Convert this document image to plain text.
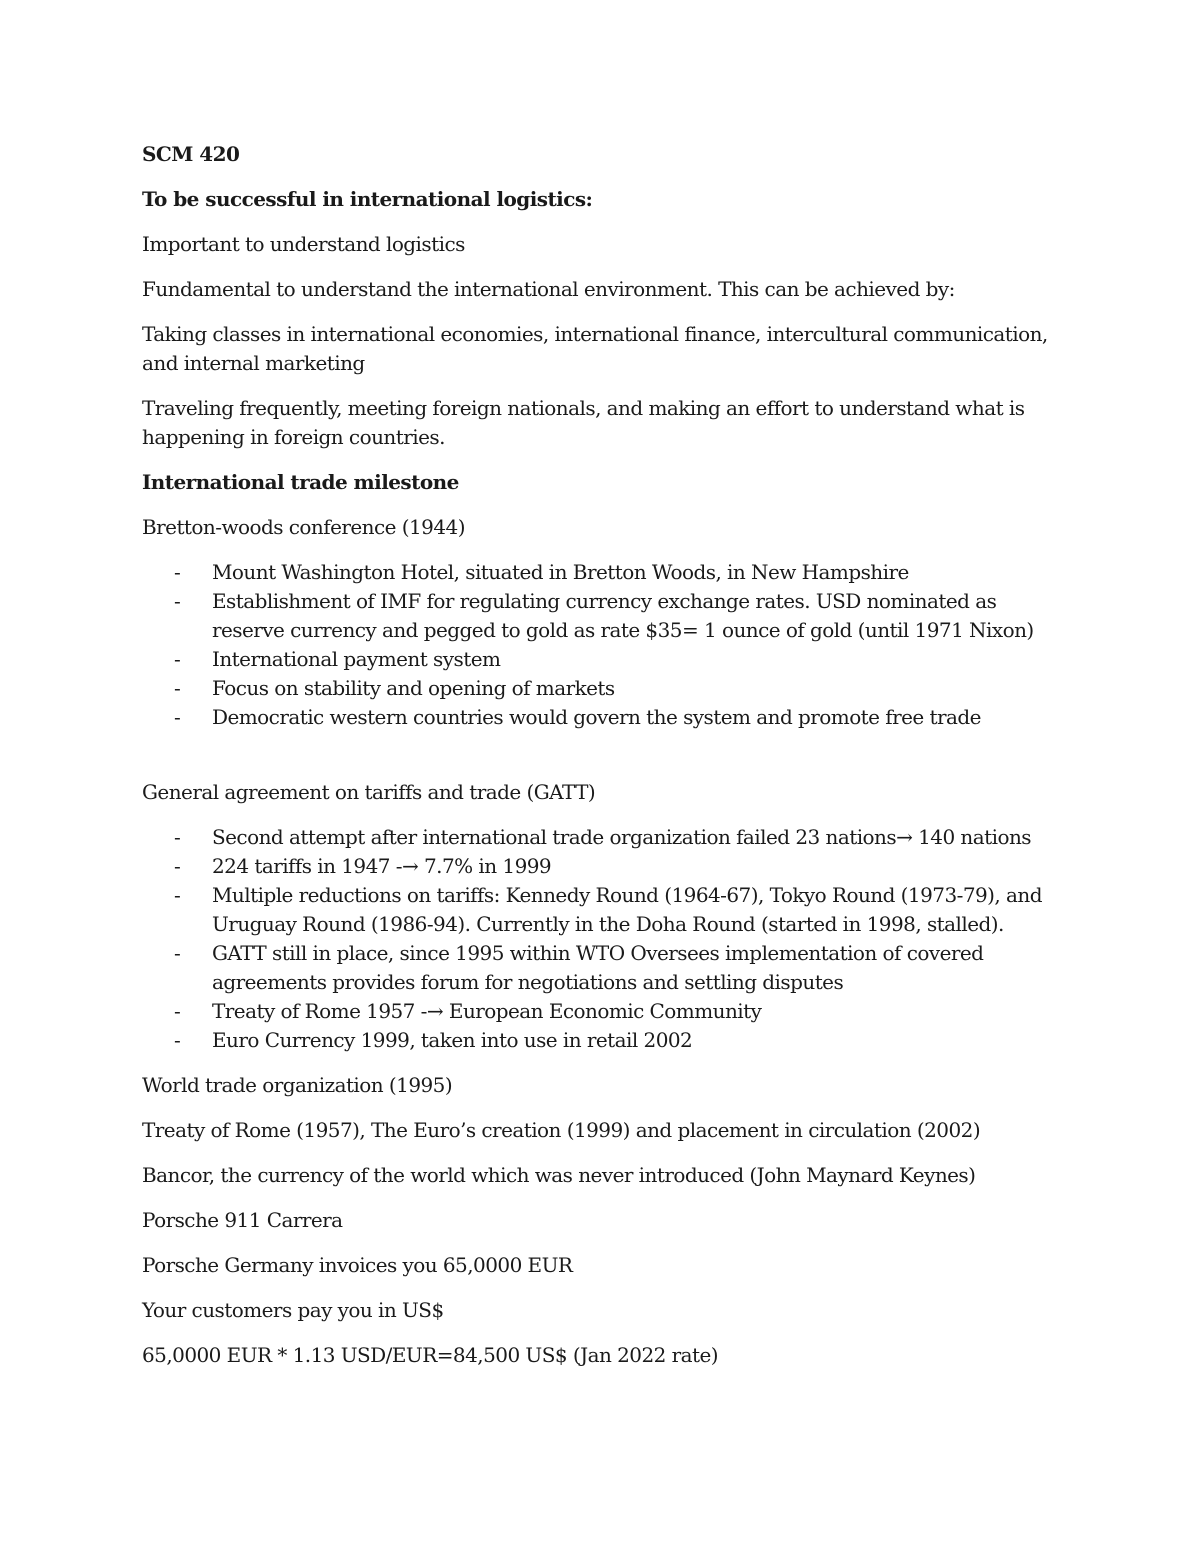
SCM 420

To be successful in international logistics:

Important to understand logistics

Fundamental to understand the international environment. This can be achieved by:

Taking classes in international economies, international finance, intercultural communication, and internal marketing

Traveling frequently, meeting foreign nationals, and making an effort to understand what is happening in foreign countries.

International trade milestone

Bretton-woods conference (1944)

- Mount Washington Hotel, situated in Bretton Woods, in New Hampshire
- Establishment of IMF for regulating currency exchange rates. USD nominated as reserve currency and pegged to gold as rate $35= 1 ounce of gold (until 1971 Nixon)
- International payment system
- Focus on stability and opening of markets
- Democratic western countries would govern the system and promote free trade

General agreement on tariffs and trade (GATT)

- Second attempt after international trade organization failed 23 nations→ 140 nations
- 224 tariffs in 1947 -→ 7.7% in 1999
- Multiple reductions on tariffs: Kennedy Round (1964-67), Tokyo Round (1973-79), and Uruguay Round (1986-94). Currently in the Doha Round (started in 1998, stalled).
- GATT still in place, since 1995 within WTO Oversees implementation of covered agreements provides forum for negotiations and settling disputes
- Treaty of Rome 1957 -→ European Economic Community
- Euro Currency 1999, taken into use in retail 2002

World trade organization (1995)

Treaty of Rome (1957), The Euro’s creation (1999) and placement in circulation (2002)

Bancor, the currency of the world which was never introduced (John Maynard Keynes)

Porsche 911 Carrera

Porsche Germany invoices you 65,0000 EUR

Your customers pay you in US$

65,0000 EUR * 1.13 USD/EUR=84,500 US$ (Jan 2022 rate)
